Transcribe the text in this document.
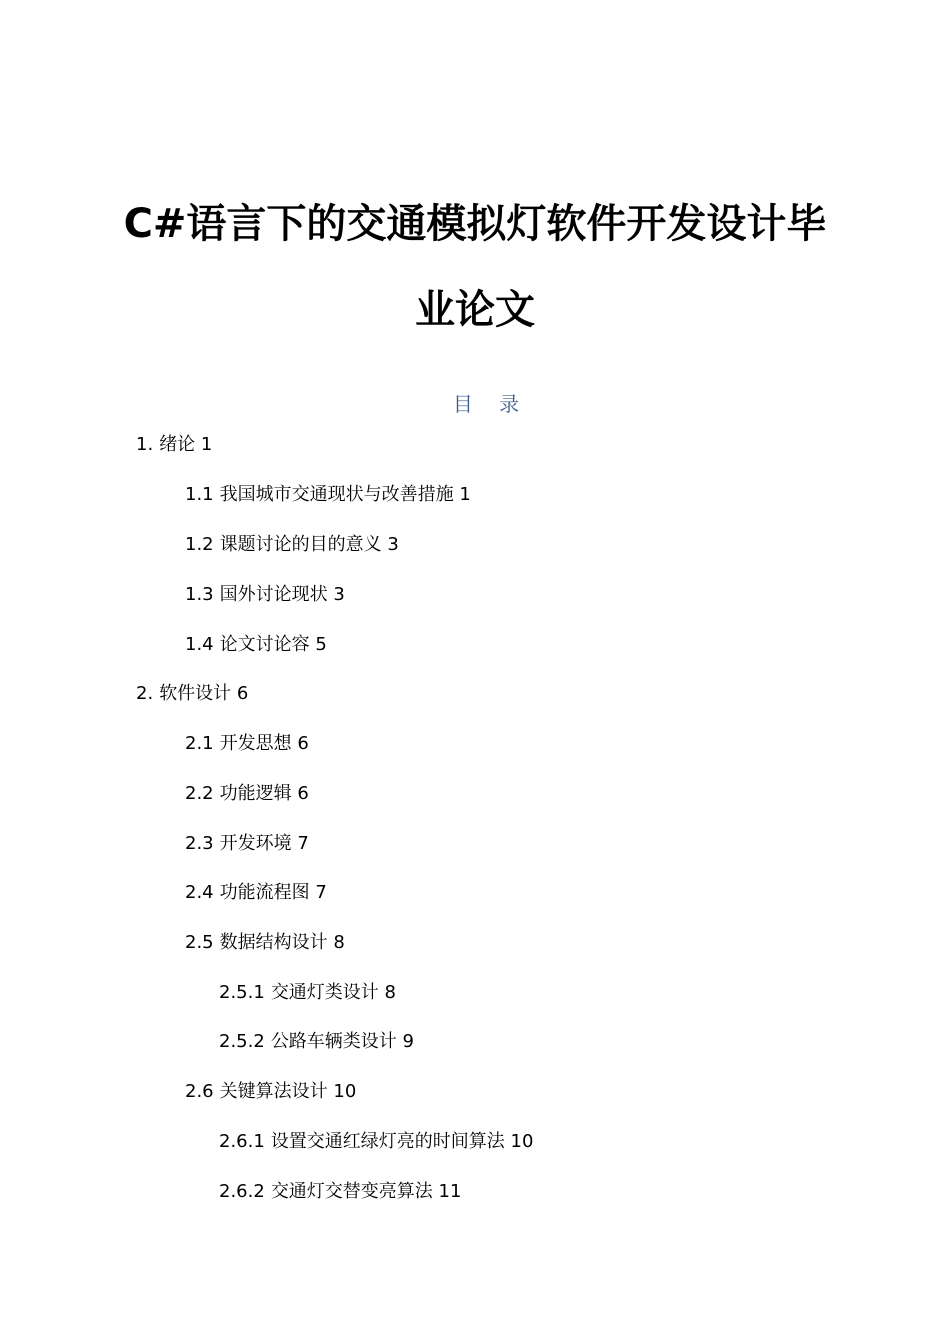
C#语言下的交通模拟灯软件开发设计毕
业论文
目 录
1. 绪论 1
1.1 我国城市交通现状与改善措施 1
1.2 课题讨论的目的意义 3
1.3 国外讨论现状 3
1.4 论文讨论容 5
2. 软件设计 6
2.1 开发思想 6
2.2 功能逻辑 6
2.3 开发环境 7
2.4 功能流程图 7
2.5 数据结构设计 8
2.5.1 交通灯类设计 8
2.5.2 公路车辆类设计 9
2.6 关键算法设计 10
2.6.1 设置交通红绿灯亮的时间算法 10
2.6.2 交通灯交替变亮算法 11
